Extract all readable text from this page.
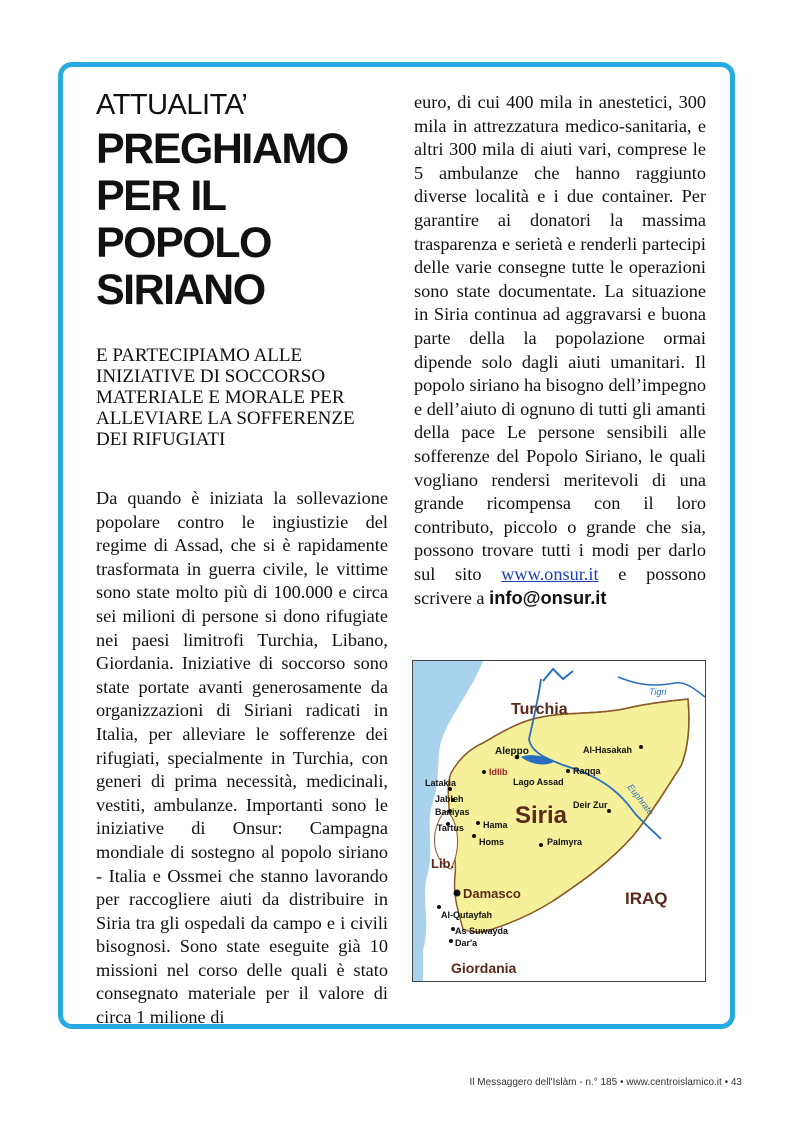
ATTUALITA’

PREGHIAMO
PER IL POPOLO
SIRIANO

E PARTECIPIAMO ALLE INIZIATIVE DI SOCCORSO MATERIALE E MORALE PER ALLEVIARE LA SOFFERENZE DEI RIFUGIATI

Da quando è iniziata la sollevazione popolare contro le ingiustizie del regime di Assad, che si è rapidamente trasformata in guerra civile, le vittime sono state molto più di 100.000 e circa sei milioni di persone si dono rifugiate nei paesi limitrofi Turchia, Libano, Giordania. Iniziative di soccorso sono state portate avanti generosamente da organizzazioni di Siriani radicati in Italia, per alleviare le sofferenze dei rifugiati, specialmente in Turchia, con generi di prima necessità, medicinali, vestiti, ambulanze. Importanti sono le iniziative di Onsur: Campagna mondiale di sostegno al popolo siriano - Italia e Ossmei che stanno lavorando per raccogliere aiuti da distribuire in Siria tra gli ospedali da campo e i civili bisognosi. Sono state eseguite già 10 missioni nel corso delle quali è stato consegnato materiale per il valore di circa 1 milione di

euro, di cui 400 mila in anestetici, 300 mila in attrezzatura medico-sanitaria, e altri 300 mila di aiuti vari, comprese le 5 ambulanze che hanno raggiunto diverse località e i due container. Per garantire ai donatori la massima trasparenza e serietà e renderli partecipi delle varie consegne tutte le operazioni sono state documentate. La situazione in Siria continua ad aggravarsi e buona parte della la popolazione ormai dipende solo dagli aiuti umanitari. Il popolo siriano ha bisogno dell’impegno e dell’aiuto di ognuno di tutti gli amanti della pace Le persone sensibili alle sofferenze del Popolo Siriano, le quali vogliano rendersi meritevoli di una grande ricompensa con il loro contributo, piccolo o grande che sia, possono trovare tutti i modi per darlo sul sito www.onsur.it e possono scrivere a info@onsur.it

Turchia
Siria
Lib.
IRAQ
Giordania
Tigri
Euphrate
Lago Assad
Aleppo
Idlib
Latakia
Jableh
Baniyas
Tartus Hama
Homs	Palmyra
Raqqa
Al-Hasakah
Deir Zur
Damasco
Al-Qutayfah
As Suwayda
Dar'a
Il Messaggero dell'Islàm - n.° 185 • www.centroislamico.it • 43
